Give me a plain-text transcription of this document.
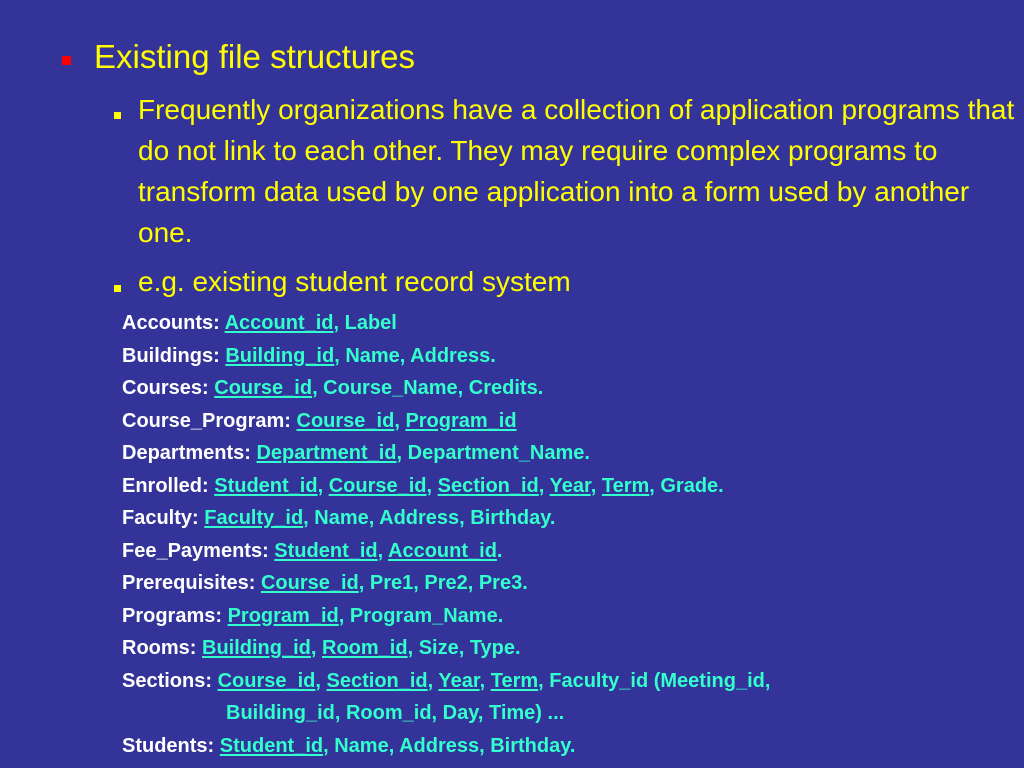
Existing file structures
Frequently organizations have a collection of application programs that do not link to each other. They may require complex programs to transform data used by one application into a form used by another one.
e.g. existing student record system
Accounts: Account_id, Label
Buildings: Building_id, Name, Address.
Courses: Course_id, Course_Name, Credits.
Course_Program: Course_id, Program_id
Departments: Department_id, Department_Name.
Enrolled: Student_id, Course_id, Section_id, Year, Term, Grade.
Faculty: Faculty_id, Name, Address, Birthday.
Fee_Payments: Student_id, Account_id.
Prerequisites: Course_id, Pre1, Pre2, Pre3.
Programs: Program_id, Program_Name.
Rooms: Building_id, Room_id, Size, Type.
Sections: Course_id, Section_id, Year, Term, Faculty_id (Meeting_id,
Building_id, Room_id, Day, Time) ...
Students: Student_id, Name, Address, Birthday.
